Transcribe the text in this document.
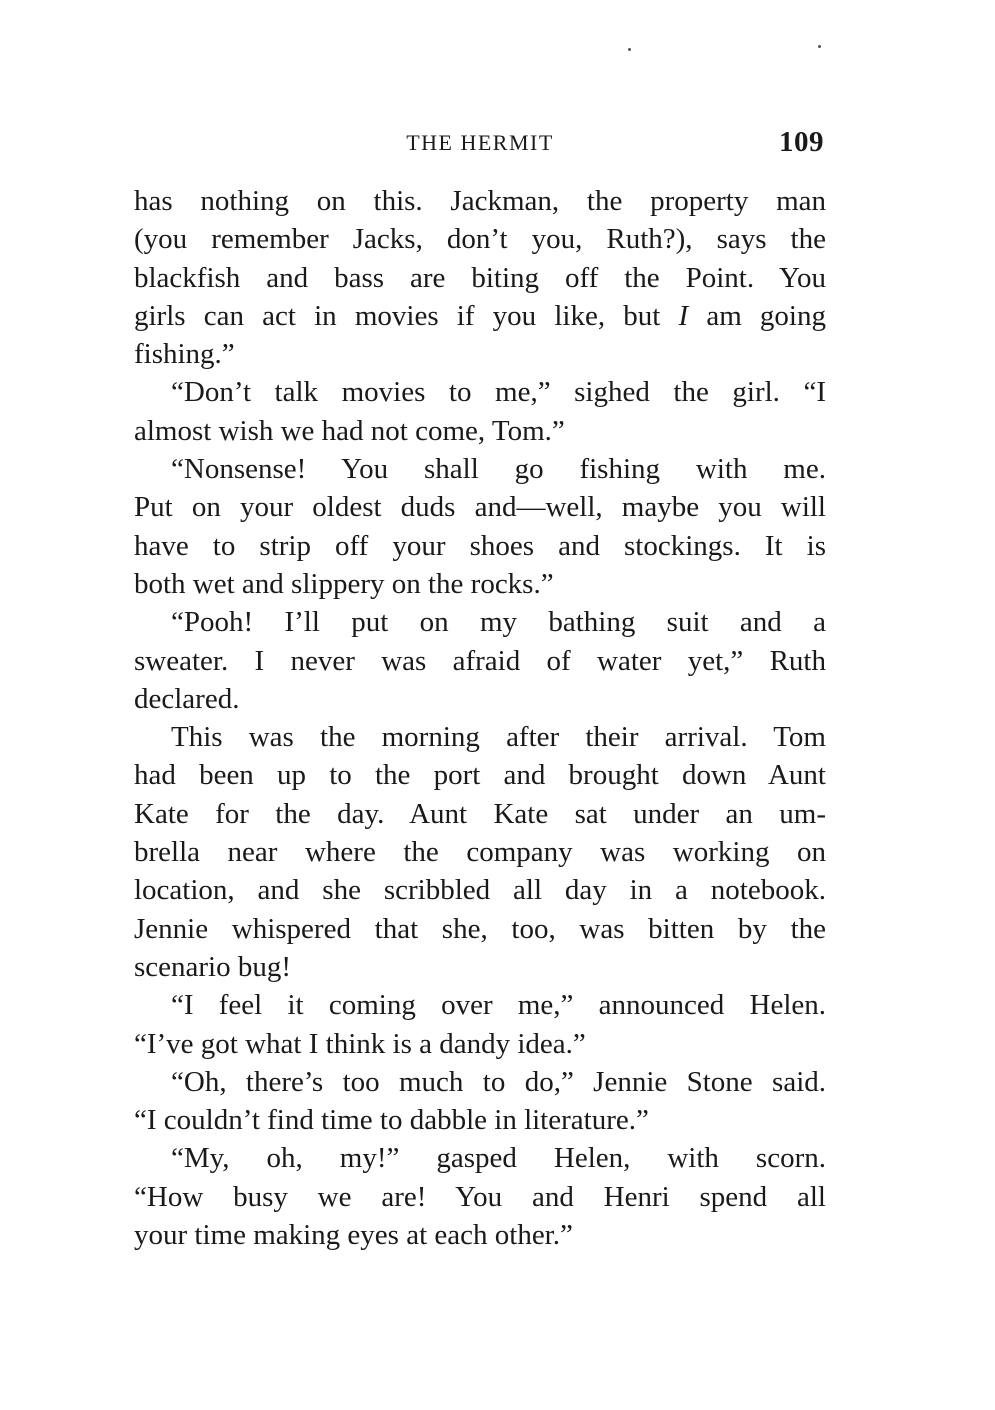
THE HERMIT	109
has nothing on this. Jackman, the property man
(you remember Jacks, don’t you, Ruth?), says the
blackfish and bass are biting off the Point. You
girls can act in movies if you like, but I am going
fishing.”
“Don’t talk movies to me,” sighed the girl. “I
almost wish we had not come, Tom.”
“Nonsense! You shall go fishing with me.
Put on your oldest duds and—well, maybe you will
have to strip off your shoes and stockings. It is
both wet and slippery on the rocks.”
“Pooh! I’ll put on my bathing suit and a
sweater. I never was afraid of water yet,” Ruth
declared.
This was the morning after their arrival. Tom
had been up to the port and brought down Aunt
Kate for the day. Aunt Kate sat under an um-
brella near where the company was working on
location, and she scribbled all day in a notebook.
Jennie whispered that she, too, was bitten by the
scenario bug!
“I feel it coming over me,” announced Helen.
“I’ve got what I think is a dandy idea.”
“Oh, there’s too much to do,” Jennie Stone said.
“I couldn’t find time to dabble in literature.”
“My, oh, my!” gasped Helen, with scorn.
“How busy we are! You and Henri spend all
your time making eyes at each other.”
